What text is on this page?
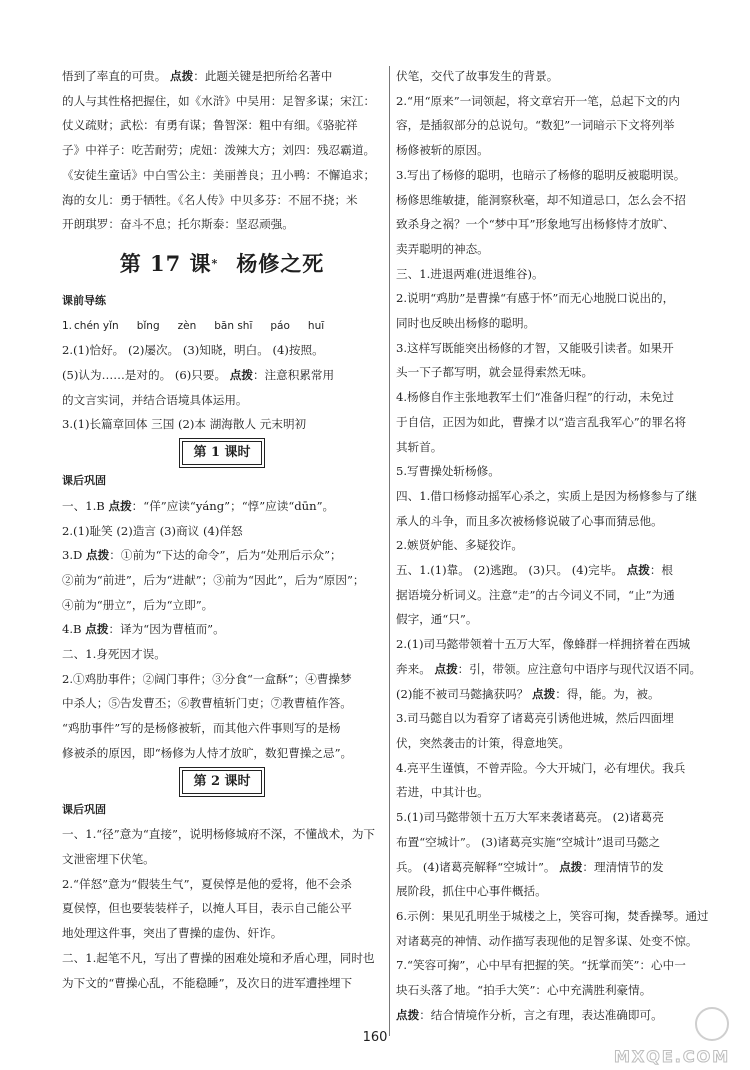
悟到了率直的可贵。 点拨：此题关键是把所给名著中
的人与其性格把握住，如《水浒》中吴用：足智多谋；宋江：
仗义疏财；武松：有勇有谋；鲁智深：粗中有细。《骆驼祥
子》中祥子：吃苦耐劳；虎妞：泼辣大方；刘四：残忍霸道。
《安徒生童话》中白雪公主：美丽善良；丑小鸭：不懈追求；
海的女儿：勇于牺牲。《名人传》中贝多芬：不屈不挠；米
开朗琪罗：奋斗不息；托尔斯泰：坚忍顽强。
第 17 课* 杨修之死
课前导练
1. chén yǐn bǐng zèn bān shī páo huī
2.(1)恰好。 (2)屡次。 (3)知晓，明白。 (4)按照。
(5)认为……是对的。 (6)只要。 点拨：注意积累常用
的文言实词，并结合语境具体运用。
3.(1)长篇章回体 三国 (2)本 湖海散人 元末明初
第 1 课时
课后巩固
一、1.B 点拨：“佯”应读“yáng”；“惇”应读“dūn”。
2.(1)耻笑 (2)造言 (3)商议 (4)佯怒
3.D 点拨：①前为“下达的命令”，后为“处刑后示众”；
②前为“前进”，后为“进献”；③前为“因此”，后为“原因”；
④前为“册立”，后为“立即”。
4.B 点拨：译为“因为曹植而”。
二、1.身死因才误。
2.①鸡肋事件；②阔门事件；③分食“一盒酥”；④曹操梦
中杀人；⑤告发曹丕；⑥教曹植斩门吏；⑦教曹植作答。
“鸡肋事件”写的是杨修被斩，而其他六件事则写的是杨
修被杀的原因，即“杨修为人恃才放旷，数犯曹操之忌”。
第 2 课时
课后巩固
一、1.“径”意为“直接”，说明杨修城府不深，不懂战术，为下
文泄密埋下伏笔。
2.“佯怒”意为“假装生气”，夏侯惇是他的爱将，他不会杀
夏侯惇，但也要装装样子，以掩人耳目，表示自己能公平
地处理这件事，突出了曹操的虚伪、奸诈。
二、1.起笔不凡，写出了曹操的困难处境和矛盾心理，同时也
为下文的“曹操心乱，不能稳睡”，及次日的进军遭挫埋下
伏笔，交代了故事发生的背景。
2.“用“原来”一词领起，将文章宕开一笔，总起下文的内
容，是插叙部分的总说句。“数犯”一词暗示下文将列举
杨修被斩的原因。
3.写出了杨修的聪明，也暗示了杨修的聪明反被聪明误。
杨修思维敏捷，能洞察秋毫，却不知道忌口，怎么会不招
致杀身之祸？一个“梦中耳”形象地写出杨修恃才放旷、
卖弄聪明的神态。
三、1.进退两难(进退维谷)。
2.说明“鸡肋”是曹操“有感于怀”而无心地脱口说出的，
同时也反映出杨修的聪明。
3.这样写既能突出杨修的才智，又能吸引读者。如果开
头一下子都写明，就会显得索然无味。
4.杨修自作主张地教军士们“准备归程”的行动，未免过
于自信，正因为如此，曹操才以“造言乱我军心”的罪名将
其斩首。
5.写曹操处斩杨修。
四、1.借口杨修动摇军心杀之，实质上是因为杨修参与了继
承人的斗争，而且多次被杨修说破了心事而猜忌他。
2.嫉贤妒能、多疑狡诈。
五、1.(1)靠。 (2)逃跑。 (3)只。 (4)完毕。 点拨：根
据语境分析词义。注意“走”的古今词义不同，“止”为通
假字，通“只”。
2.(1)司马懿带领着十五万大军，像蜂群一样拥挤着在西城
奔来。 点拨：引，带领。应注意句中语序与现代汉语不同。
(2)能不被司马懿擒获吗？ 点拨：得，能。为，被。
3.司马懿自以为看穿了诸葛亮引诱他进城，然后四面埋
伏，突然袭击的计策，得意地笑。
4.亮平生谨慎，不曾弄险。今大开城门，必有埋伏。我兵
若进，中其计也。
5.(1)司马懿带领十五万大军来袭诸葛亮。 (2)诸葛亮
布置“空城计”。 (3)诸葛亮实施“空城计”退司马懿之
兵。 (4)诸葛亮解释“空城计”。 点拨：理清情节的发
展阶段，抓住中心事件概括。
6.示例：果见孔明坐于城楼之上，笑容可掬，焚香操琴。通过
对诸葛亮的神情、动作描写表现他的足智多谋、处变不惊。
7.“笑容可掬”，心中早有把握的笑。“抚掌而笑”：心中一
块石头落了地。“拍手大笑”：心中充满胜利豪情。
点拨：结合情境作分析，言之有理，表达准确即可。
160
MXQE.COM
